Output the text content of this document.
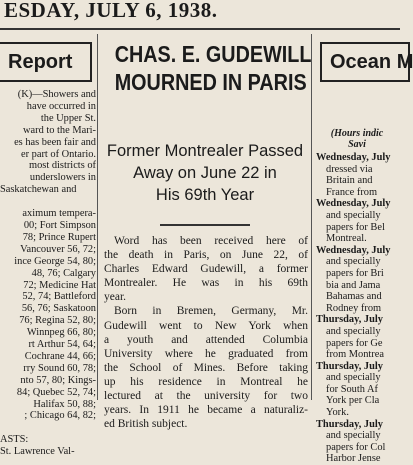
ESDAY, JULY 6, 1938.
Report
(K)—Showers and
have occurred in
the Upper St.
ward to the Mari-
es has been fair and
er part of Ontario.
most districts of
underslowers in
Saskatchewan and

aximum tempera-
00; Fort Simpson
78; Prince Rupert
Vancouver 56, 72;
ince George 54, 80;
48, 76; Calgary
72; Medicine Hat
52, 74; Battleford
56, 76; Saskatoon
76; Regina 52, 80;
Winnpeg 66, 80;
rt Arthur 54, 64;
Cochrane 44, 66;
rry Sound 60, 78;
nto 57, 80; Kings-
84; Quebec 52, 74;
Halifax 50, 88;
; Chicago 64, 82;

ASTS:
St. Lawrence Val-
CHAS. E. GUDEWILL
MOURNED IN PARIS
Former Montrealer Passed
Away on June 22 in
His 69th Year
Word has been received here of
the death in Paris, on June 22, of
Charles Edward Gudewill, a former
Montrealer. He was in his 69th
year.
Born in Bremen, Germany, Mr.
Gudewill went to New York when
a youth and attended Columbia
University where he graduated from
the School of Mines. Before taking
up his residence in Montreal he
lectured at the university for two
years. In 1911 he became a naturaliz-
ed British subject.
Ocean M
(Hours indic
Savi
Wednesday, July
dressed via
Britain and
France from
Wednesday, July
and specially
papers for Bel
Montreal.
Wednesday, July
and specially
papers for Bri
bia and Jama
Bahamas and
Rodney from
Thursday, July
and specially
papers for Ge
from Montrea
Thursday, July
and specially
for South Af
York per Cla
York.
Thursday, July
and specially
papers for Col
Harbor Jense
